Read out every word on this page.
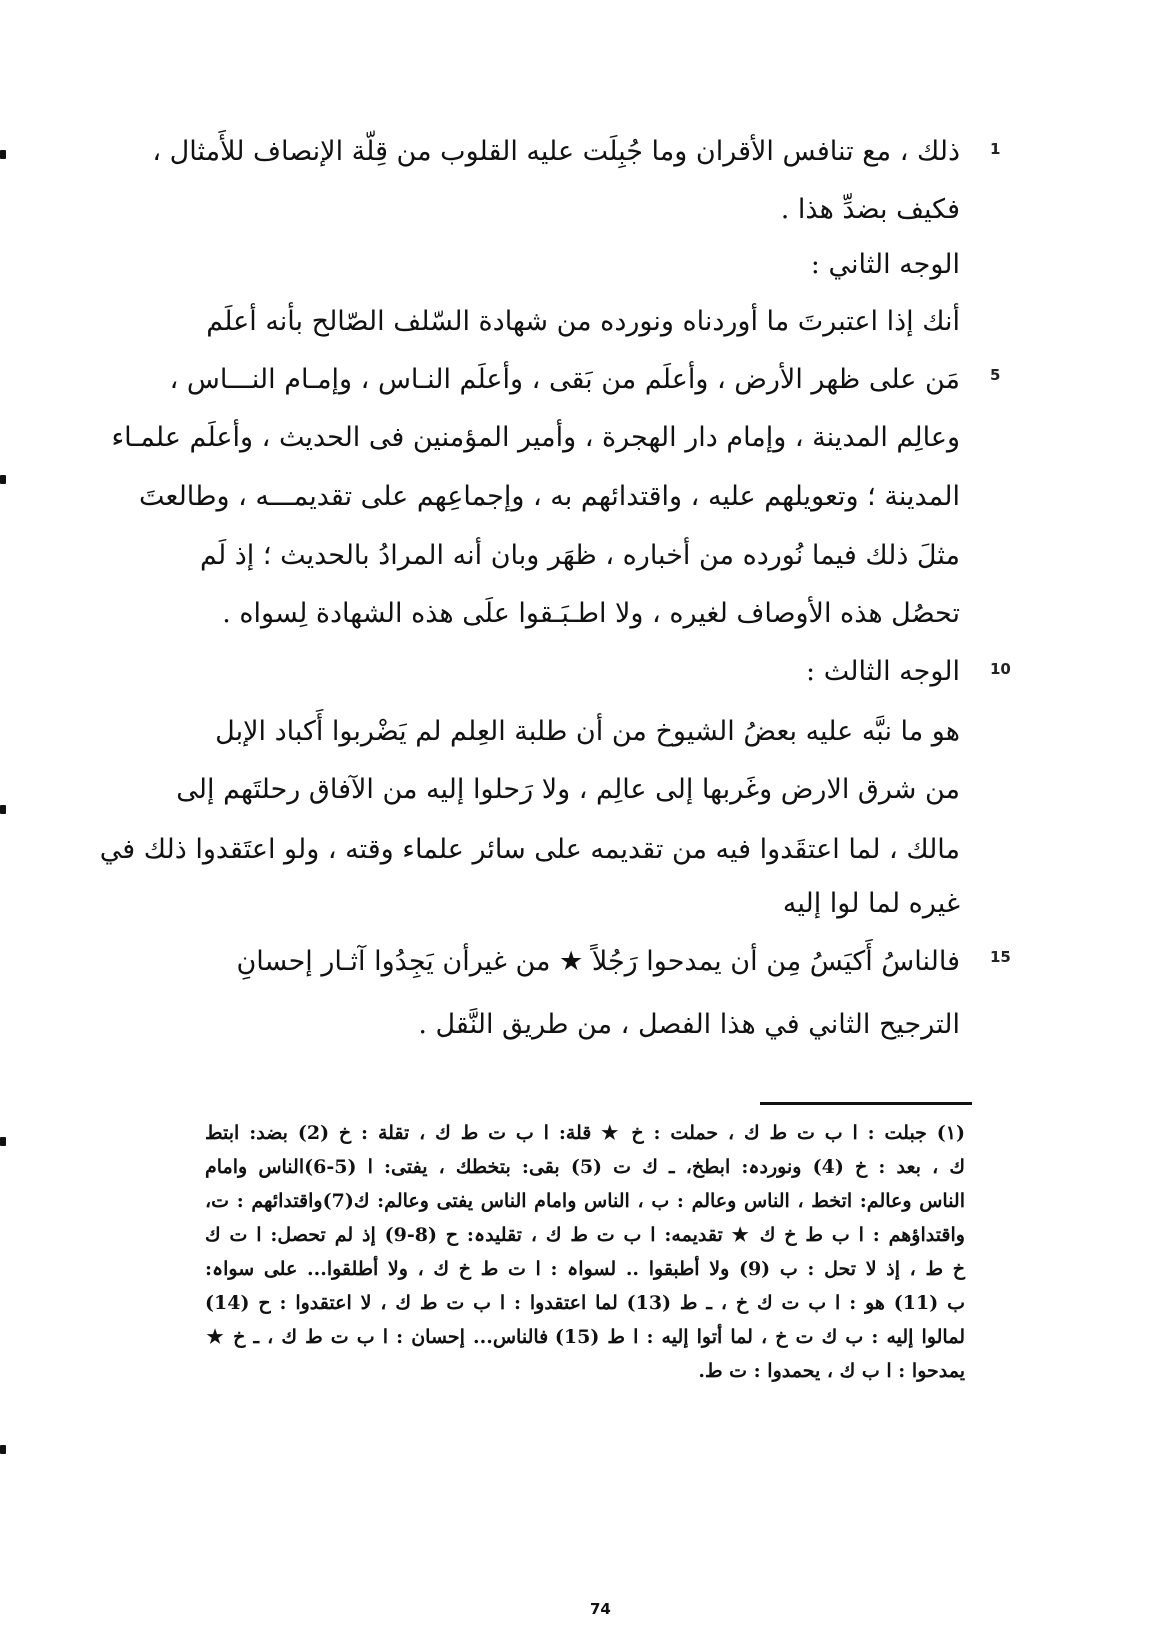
1
5
10
15
ذلك ، مع تنافس الأقران وما جُبِلَت عليه القلوب من قِلّة الإنصاف للأَمثال ،
فكيف بضدِّ هذا .
الوجه الثاني :
أنك إذا اعتبرتَ ما أوردناه ونورده من شهادة السّلف الصّالح بأنه أعلَم
مَن على ظهر الأرض ، وأعلَم من بَقى ، وأعلَم النـاس ، وإمـام النـــاس ،
وعالِم المدينة ، وإمام دار الهجرة ، وأمير المؤمنين فى الحديث ، وأعلَم علمـاء
المدينة ؛ وتعويلهم عليه ، واقتدائهم به ، وإجماعِهم على تقديمـــه ، وطالعتَ
مثلَ ذلك فيما نُورده من أخباره ، ظهَر وبان أنه المرادُ بالحديث ؛ إذ لَم
تحصُل هذه الأوصاف لغيره ، ولا اطـبَـقوا علَى هذه الشهادة لِسواه .
الوجه الثالث :
هو ما نبَّه عليه بعضُ الشيوخ من أن طلبة العِلم لم يَضْربوا أَكباد الإبل
من شرق الارض وغَربها إلى عالِم ، ولا رَحلوا إليه من الآفاق رحلتَهم إلى
مالك ، لما اعتقَدوا فيه من تقديمه على سائر علماء وقته ، ولو اعتَقدوا ذلك في
غيره لما لوا إليه
فالناسُ أَكيَسُ مِن أن يمدحوا رَجُلاً ★ من غيرأن يَجِدُوا آثـار إحسانِ
الترجيح الثاني في هذا الفصل ، من طريق النَّقل .
(١) جبلت : ا ب ت ط ك ، حملت : خ ★ قلة: ا ب ت ط ك ، تقلة : خ (2) بضد: ابتط
ك ، بعد : خ (4) ونوردہ: ابطخ، ـ ك ت (5) بقى: بتخطك ، يفتى: ا (5-6)الناس وامام
الناس وعالم: اتخط ، الناس وعالم : ب ، الناس وامام الناس يفتى وعالم: ك(7)واقتدائهم : ت،
واقتداؤهم : ا ب ط خ ك ★ تقديمه: ا ب ت ط ك ، تقليدہ: ح (8-9) إذ لم تحصل: ا ت ك
خ ط ، إذ لا تحل : ب (9) ولا أطبقوا .. لسواہ : ا ت ط خ ك ، ولا أطلقوا... على سواہ:
ب (11) هو : ا ب ت ك خ ، ـ ط (13) لما اعتقدوا : ا ب ت ط ك ، لا اعتقدوا : ح (14)
لمالوا إليه : ب ك ت خ ، لما أتوا إليه : ا ط (15) فالناس... إحسان : ا ب ت ط ك ، ـ خ ★
يمدحوا : ا ب ك ، يحمدوا : ت ط.
74
